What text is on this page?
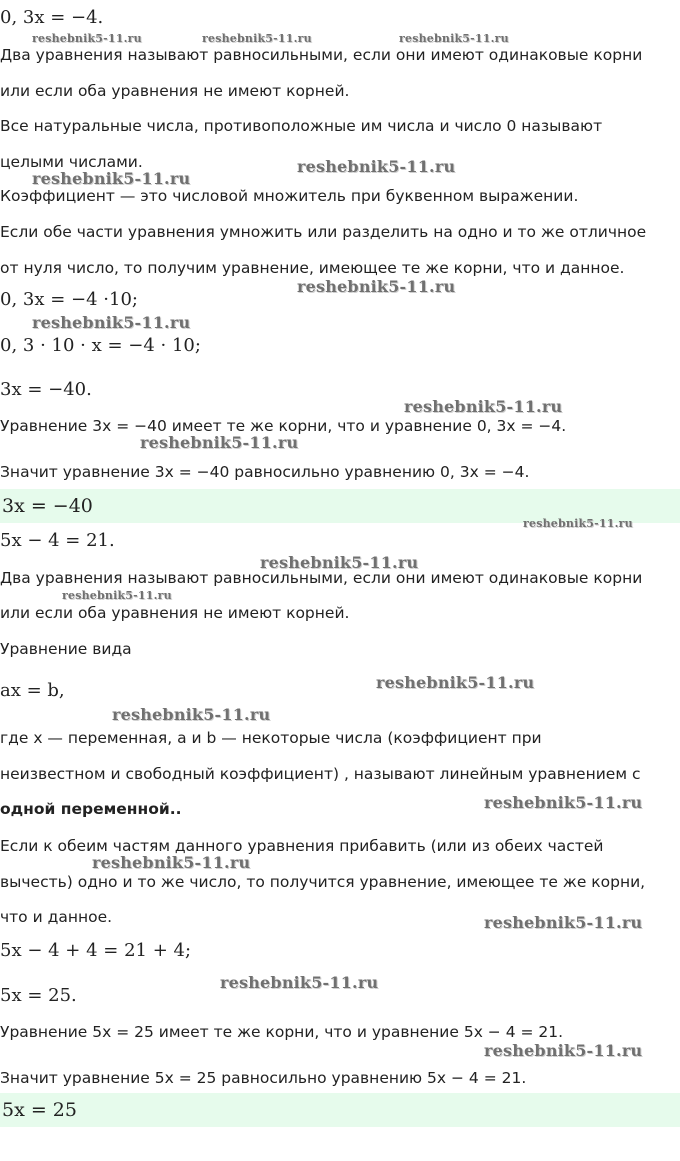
0, 3x = −4.
Два уравнения называют равносильными, если они имеют одинаковые корни
или если оба уравнения не имеют корней.
Все натуральные числа, противоположные им числа и число 0 называют
целыми числами.
Коэффициент — это числовой множитель при буквенном выражении.
Если обе части уравнения умножить или разделить на одно и то же отличное
от нуля число, то получим уравнение, имеющее те же корни, что и данное.
0, 3x = −4 ·10;
0, 3 · 10 · x = −4 · 10;
3x = −40.
Уравнение 3x = −40 имеет те же корни, что и уравнение 0, 3x = −4.
Значит уравнение 3x = −40 равносильно уравнению 0, 3x = −4.
3x = −40
5x − 4 = 21.
Два уравнения называют равносильными, если они имеют одинаковые корни
или если оба уравнения не имеют корней.
Уравнение вида
ax = b,
где x — переменная, a и b — некоторые числа (коэффициент при
неизвестном и свободный коэффициент) , называют линейным уравнением с
одной переменной..
Если к обеим частям данного уравнения прибавить (или из обеих частей
вычесть) одно и то же число, то получится уравнение, имеющее те же корни,
что и данное.
5x − 4 + 4 = 21 + 4;
5x = 25.
Уравнение 5x = 25 имеет те же корни, что и уравнение 5x − 4 = 21.
Значит уравнение 5x = 25 равносильно уравнению 5x − 4 = 21.
5x = 25
reshebnik5-11.ru	reshebnik5-11.ru	reshebnik5-11.ru
reshebnik5-11.ru
reshebnik5-11.ru
reshebnik5-11.ru
reshebnik5-11.ru
reshebnik5-11.ru
reshebnik5-11.ru
reshebnik5-11.ru
reshebnik5-11.ru
reshebnik5-11.ru
reshebnik5-11.ru
reshebnik5-11.ru
reshebnik5-11.ru
reshebnik5-11.ru
reshebnik5-11.ru
reshebnik5-11.ru
reshebnik5-11.ru
